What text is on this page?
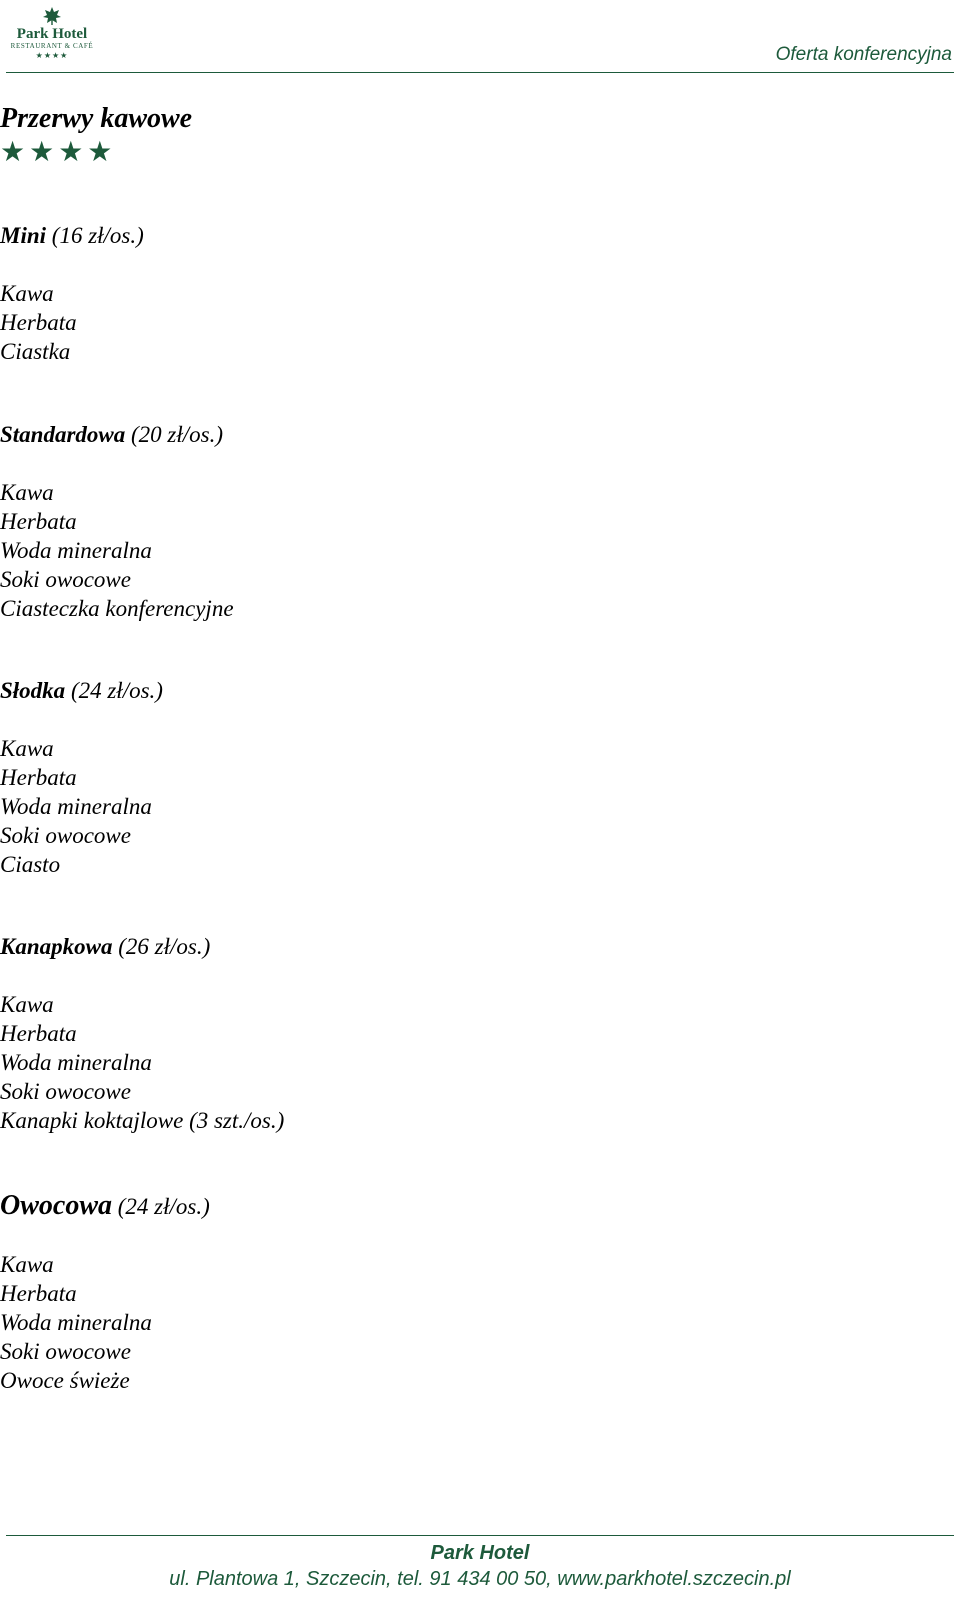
Park Hotel
RESTAURANT & CAFÉ
★★★★	Oferta konferencyjna
Przerwy kawowe
★★★★
Mini (16 zł/os.)
Kawa
Herbata
Ciastka
Standardowa (20 zł/os.)
Kawa
Herbata
Woda mineralna
Soki owocowe
Ciasteczka konferencyjne
Słodka (24 zł/os.)
Kawa
Herbata
Woda mineralna
Soki owocowe
Ciasto
Kanapkowa (26 zł/os.)
Kawa
Herbata
Woda mineralna
Soki owocowe
Kanapki koktajlowe (3 szt./os.)
Owocowa (24 zł/os.)
Kawa
Herbata
Woda mineralna
Soki owocowe
Owoce świeże
Park Hotel
ul. Plantowa 1, Szczecin, tel. 91 434 00 50, www.parkhotel.szczecin.pl
